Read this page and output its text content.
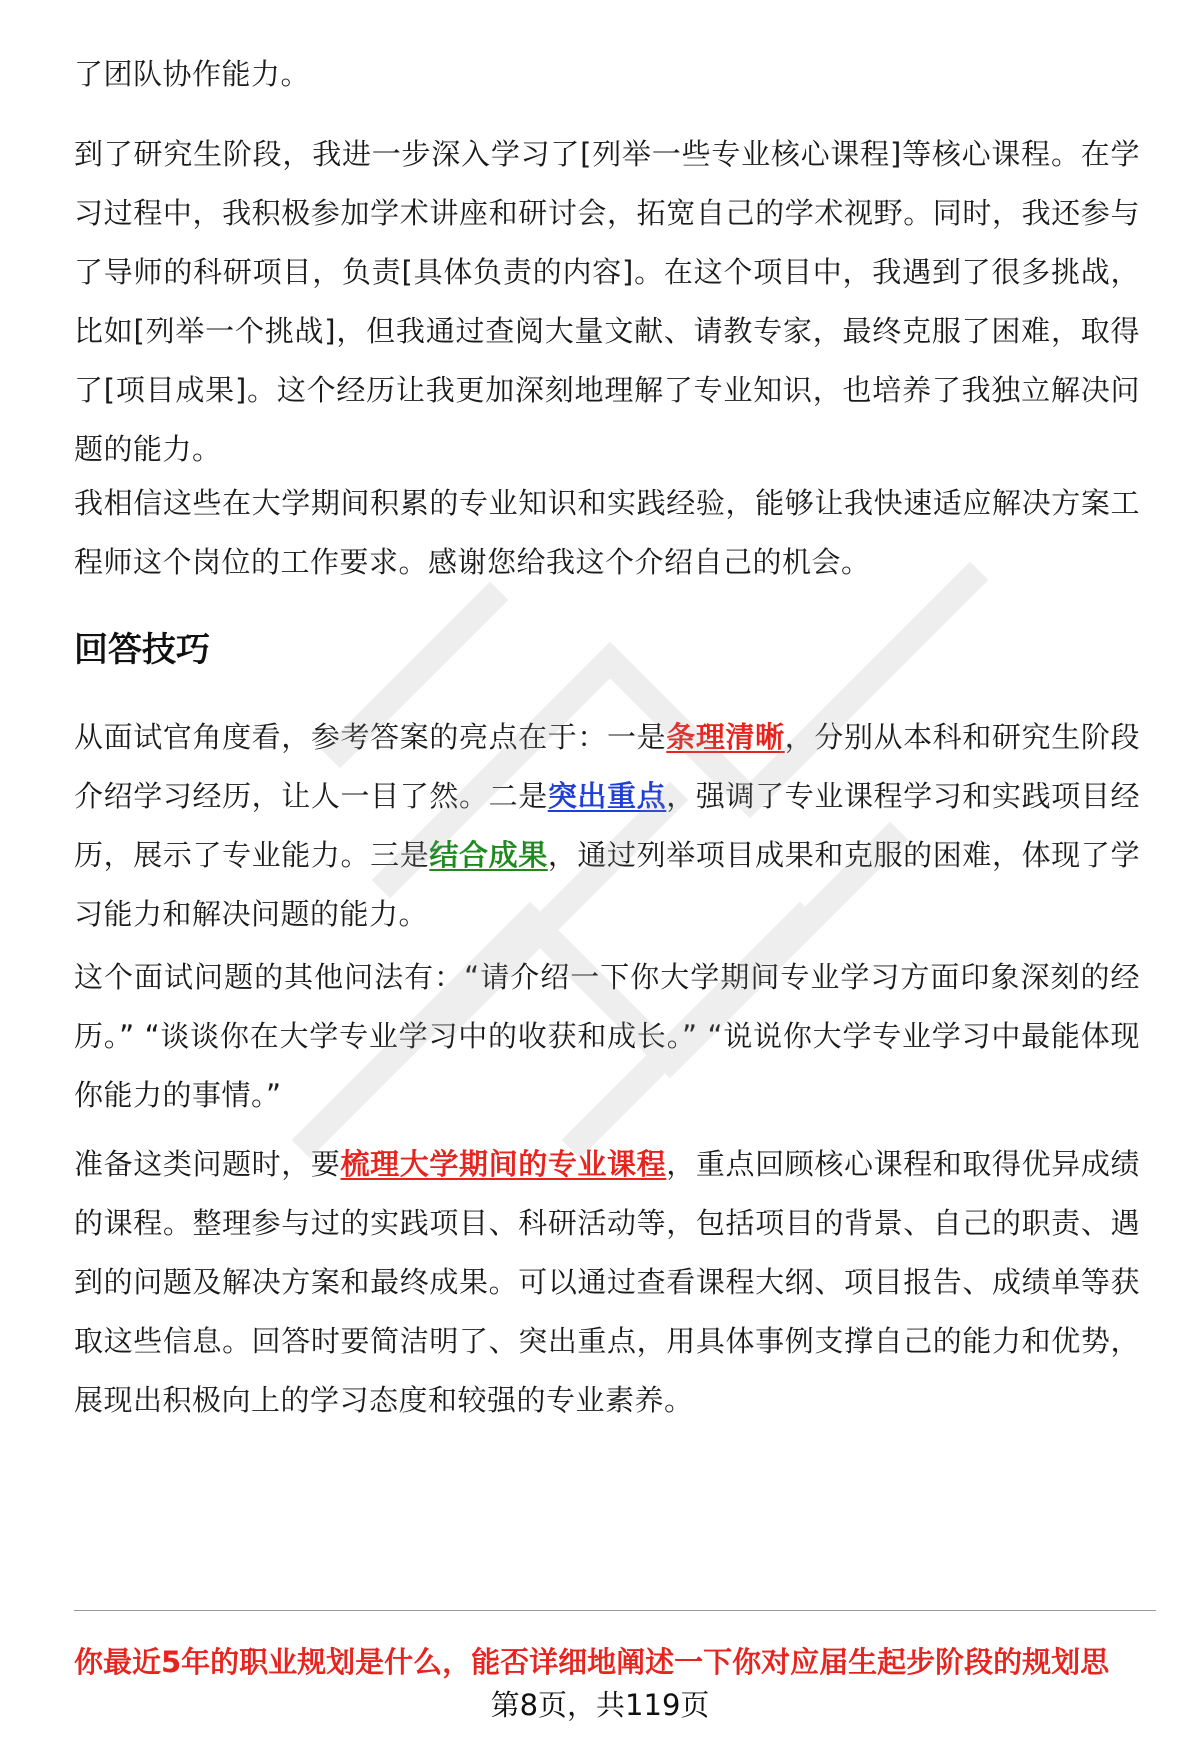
了团队协作能力。

到了研究生阶段，我进一步深入学习了[列举一些专业核心课程]等核心课程。在学习过程中，我积极参加学术讲座和研讨会，拓宽自己的学术视野。同时，我还参与了导师的科研项目，负责[具体负责的内容]。在这个项目中，我遇到了很多挑战，比如[列举一个挑战]，但我通过查阅大量文献、请教专家，最终克服了困难，取得了[项目成果]。这个经历让我更加深刻地理解了专业知识，也培养了我独立解决问题的能力。

我相信这些在大学期间积累的专业知识和实践经验，能够让我快速适应解决方案工程师这个岗位的工作要求。感谢您给我这个介绍自己的机会。

回答技巧

从面试官角度看，参考答案的亮点在于：一是条理清晰，分别从本科和研究生阶段介绍学习经历，让人一目了然。二是突出重点，强调了专业课程学习和实践项目经历，展示了专业能力。三是结合成果，通过列举项目成果和克服的困难，体现了学习能力和解决问题的能力。

这个面试问题的其他问法有：“请介绍一下你大学期间专业学习方面印象深刻的经历。” “谈谈你在大学专业学习中的收获和成长。” “说说你大学专业学习中最能体现你能力的事情。”

准备这类问题时，要梳理大学期间的专业课程，重点回顾核心课程和取得优异成绩的课程。整理参与过的实践项目、科研活动等，包括项目的背景、自己的职责、遇到的问题及解决方案和最终成果。可以通过查看课程大纲、项目报告、成绩单等获取这些信息。回答时要简洁明了、突出重点，用具体事例支撑自己的能力和优势，展现出积极向上的学习态度和较强的专业素养。

你最近5年的职业规划是什么，能否详细地阐述一下你对应届生起步阶段的规划思
第8页，共119页
